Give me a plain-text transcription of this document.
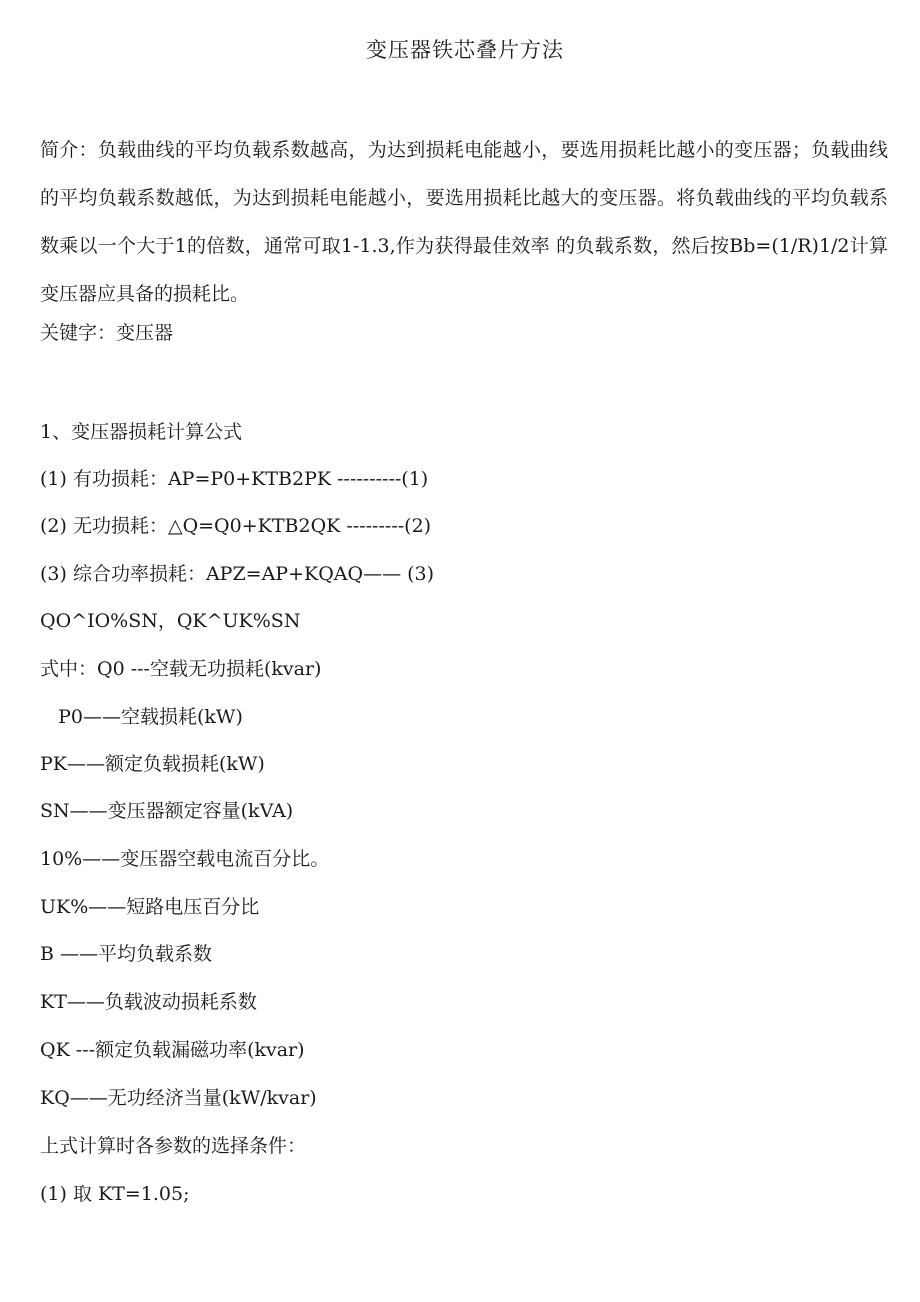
变压器铁芯叠片方法

简介：负载曲线的平均负载系数越高，为达到损耗电能越小，要选用损耗比越小的变压器；负载曲线的平均负载系数越低，为达到损耗电能越小，要选用损耗比越大的变压器。将负载曲线的平均负载系数乘以一个大于1的倍数，通常可取1-1.3,作为获得最佳效率 的负载系数，然后按Bb=(1/R)1/2计算变压器应具备的损耗比。

关键字：变压器

1、变压器损耗计算公式

(1) 有功损耗：AP=P0+KTB2PK ----------(1)

(2) 无功损耗：△Q=Q0+KTB2QK ---------(2)

(3) 综合功率损耗：APZ=AP+KQAQ—— (3)

QO^IO%SN，QK^UK%SN

式中：Q0 ---空载无功损耗(kvar)

P0——空载损耗(kW)

PK——额定负载损耗(kW)

SN——变压器额定容量(kVA)

10%——变压器空载电流百分比。

UK%——短路电压百分比

B ——平均负载系数

KT——负载波动损耗系数

QK ---额定负载漏磁功率(kvar)

KQ——无功经济当量(kW/kvar)

上式计算时各参数的选择条件：

(1) 取 KT=1.05;
